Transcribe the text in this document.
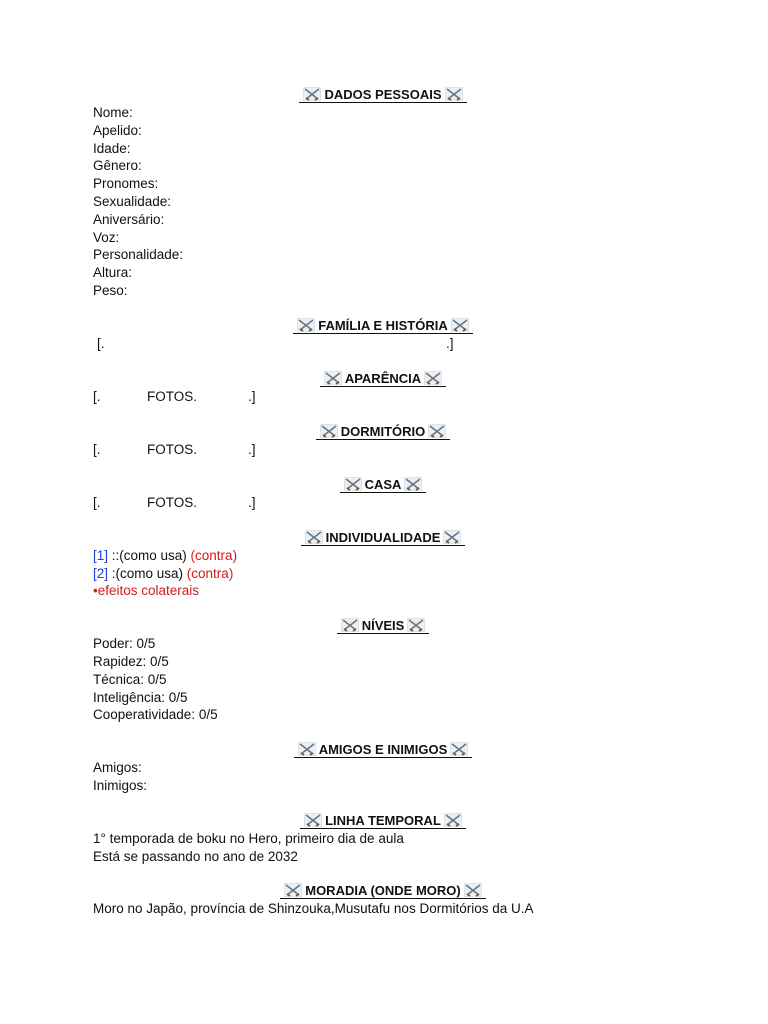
DADOS PESSOAIS
Nome:
Apelido:
Idade:
Gênero:
Pronomes:
Sexualidade:
Aniversário:
Voz:
Personalidade:
Altura:
Peso:
FAMÍLIA E HISTÓRIA
[.	.]
APARÊNCIA
[.	FOTOS.	.]
DORMITÓRIO
[.	FOTOS.	.]
CASA
[.	FOTOS.	.]
INDIVIDUALIDADE
[1] ::(como usa) (contra)
[2] :(como usa) (contra)
•efeitos colaterais
NÍVEIS
Poder: 0/5
Rapidez: 0/5
Técnica: 0/5
Inteligência: 0/5
Cooperatividade: 0/5
AMIGOS E INIMIGOS
Amigos:
Inimigos:
LINHA TEMPORAL
1° temporada de boku no Hero, primeiro dia de aula
Está se passando no ano de 2032
MORADIA (ONDE MORO)
Moro no Japão, província de Shinzouka,Musutafu nos Dormitórios da U.A
